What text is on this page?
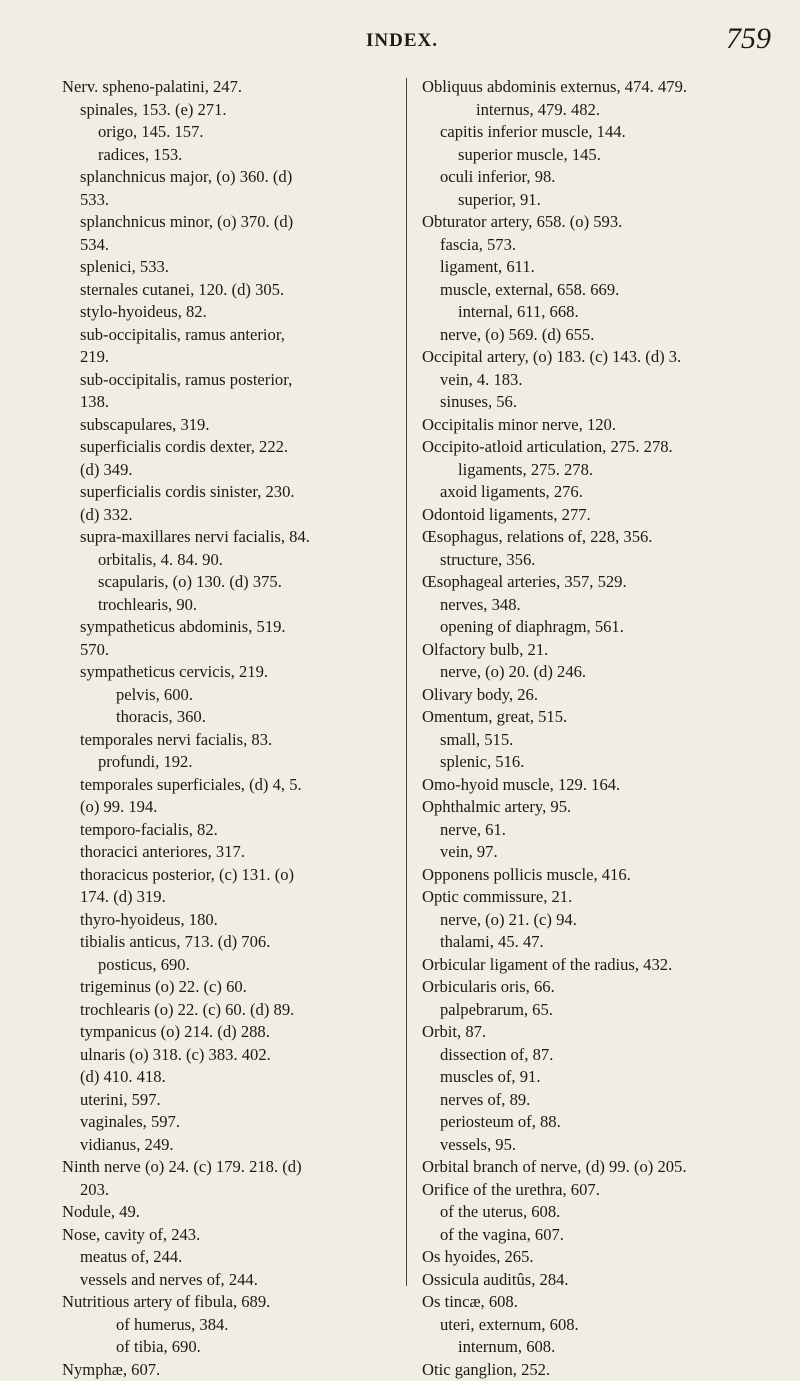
INDEX.	759
Nerv. spheno-palatini, 247.
spinales, 153. (e) 271.
origo, 145. 157.
radices, 153.
splanchnicus major, (o) 360. (d)
533.
splanchnicus minor, (o) 370. (d)
534.
splenici, 533.
sternales cutanei, 120. (d) 305.
stylo-hyoideus, 82.
sub-occipitalis, ramus anterior,
219.
sub-occipitalis, ramus posterior,
138.
subscapulares, 319.
superficialis cordis dexter, 222.
(d) 349.
superficialis cordis sinister, 230.
(d) 332.
supra-maxillares nervi facialis, 84.
orbitalis, 4. 84. 90.
scapularis, (o) 130. (d) 375.
trochlearis, 90.
sympatheticus abdominis, 519.
570.
sympatheticus cervicis, 219.
pelvis, 600.
thoracis, 360.
temporales nervi facialis, 83.
profundi, 192.
temporales superficiales, (d) 4, 5.
(o) 99. 194.
temporo-facialis, 82.
thoracici anteriores, 317.
thoracicus posterior, (c) 131. (o)
174. (d) 319.
thyro-hyoideus, 180.
tibialis anticus, 713. (d) 706.
posticus, 690.
trigeminus (o) 22. (c) 60.
trochlearis (o) 22. (c) 60. (d) 89.
tympanicus (o) 214. (d) 288.
ulnaris (o) 318. (c) 383. 402.
(d) 410. 418.
uterini, 597.
vaginales, 597.
vidianus, 249.
Ninth nerve (o) 24. (c) 179. 218. (d)
203.
Nodule, 49.
Nose, cavity of, 243.
meatus of, 244.
vessels and nerves of, 244.
Nutritious artery of fibula, 689.
of humerus, 384.
of tibia, 690.
Nymphæ, 607.
Obliquus abdominis externus, 474. 479.
internus, 479. 482.
capitis inferior muscle, 144.
superior muscle, 145.
oculi inferior, 98.
superior, 91.
Obturator artery, 658. (o) 593.
fascia, 573.
ligament, 611.
muscle, external, 658. 669.
internal, 611, 668.
nerve, (o) 569. (d) 655.
Occipital artery, (o) 183. (c) 143. (d) 3.
vein, 4. 183.
sinuses, 56.
Occipitalis minor nerve, 120.
Occipito-atloid articulation, 275. 278.
ligaments, 275. 278.
axoid ligaments, 276.
Odontoid ligaments, 277.
Œsophagus, relations of, 228, 356.
structure, 356.
Œsophageal arteries, 357, 529.
nerves, 348.
opening of diaphragm, 561.
Olfactory bulb, 21.
nerve, (o) 20. (d) 246.
Olivary body, 26.
Omentum, great, 515.
small, 515.
splenic, 516.
Omo-hyoid muscle, 129. 164.
Ophthalmic artery, 95.
nerve, 61.
vein, 97.
Opponens pollicis muscle, 416.
Optic commissure, 21.
nerve, (o) 21. (c) 94.
thalami, 45. 47.
Orbicular ligament of the radius, 432.
Orbicularis oris, 66.
palpebrarum, 65.
Orbit, 87.
dissection of, 87.
muscles of, 91.
nerves of, 89.
periosteum of, 88.
vessels, 95.
Orbital branch of nerve, (d) 99. (o) 205.
Orifice of the urethra, 607.
of the uterus, 608.
of the vagina, 607.
Os hyoides, 265.
Ossicula auditûs, 284.
Os tincæ, 608.
uteri, externum, 608.
internum, 608.
Otic ganglion, 252.
